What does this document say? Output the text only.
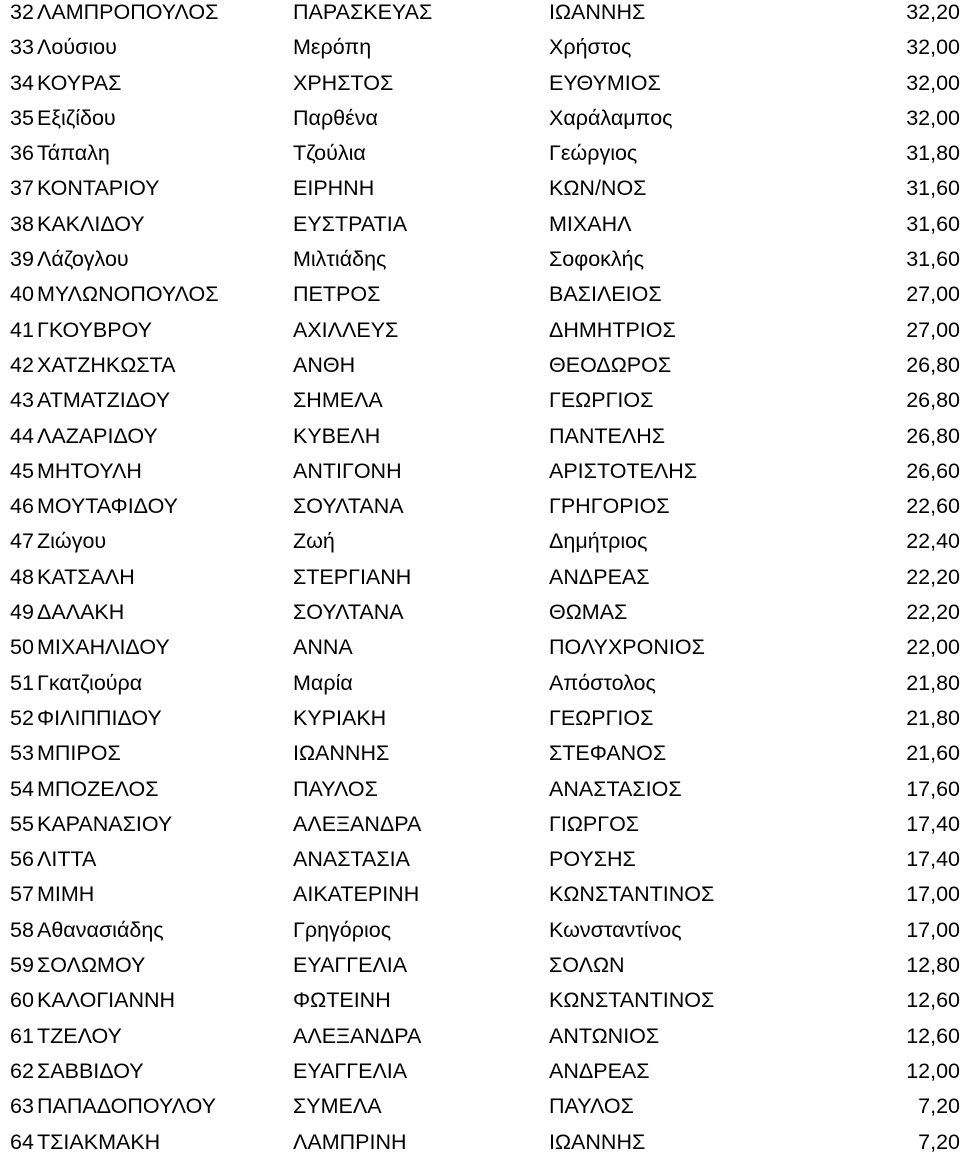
32 ΛΑΜΠΡΟΠΟΥΛΟΣ	ΠΑΡΑΣΚΕΥΑΣ	ΙΩΑΝΝΗΣ	32,20
33 Λούσιου	Μερόπη	Χρήστος	32,00
34 ΚΟΥΡΑΣ	ΧΡΗΣΤΟΣ	ΕΥΘΥΜΙΟΣ	32,00
35 Εξιζίδου	Παρθένα	Χαράλαμπος	32,00
36 Τάπαλη	Τζούλια	Γεώργιος	31,80
37 ΚΟΝΤΑΡΙΟΥ	ΕΙΡΗΝΗ	ΚΩΝ/ΝΟΣ	31,60
38 ΚΑΚΛΙΔΟΥ	ΕΥΣΤΡΑΤΙΑ	ΜΙΧΑΗΛ	31,60
39 Λάζογλου	Μιλτιάδης	Σοφοκλής	31,60
40 ΜΥΛΩΝΟΠΟΥΛΟΣ	ΠΕΤΡΟΣ	ΒΑΣΙΛΕΙΟΣ	27,00
41 ΓΚΟΥΒΡΟΥ	ΑΧΙΛΛΕΥΣ	ΔΗΜΗΤΡΙΟΣ	27,00
42 ΧΑΤΖΗΚΩΣΤΑ	ΑΝΘΗ	ΘΕΟΔΩΡΟΣ	26,80
43 ΑΤΜΑΤΖΙΔΟΥ	ΣΗΜΕΛΑ	ΓΕΩΡΓΙΟΣ	26,80
44 ΛΑΖΑΡΙΔΟΥ	ΚΥΒΕΛΗ	ΠΑΝΤΕΛΗΣ	26,80
45 ΜΗΤΟΥΛΗ	ΑΝΤΙΓΟΝΗ	ΑΡΙΣΤΟΤΕΛΗΣ	26,60
46 ΜΟΥΤΑΦΙΔΟΥ	ΣΟΥΛΤΑΝΑ	ΓΡΗΓΟΡΙΟΣ	22,60
47 Ζιώγου	Ζωή	Δημήτριος	22,40
48 ΚΑΤΣΑΛΗ	ΣΤΕΡΓΙΑΝΗ	ΑΝΔΡΕΑΣ	22,20
49 ΔΑΛΑΚΗ	ΣΟΥΛΤΑΝΑ	ΘΩΜΑΣ	22,20
50 ΜΙΧΑΗΛΙΔΟΥ	ΑΝΝΑ	ΠΟΛΥΧΡΟΝΙΟΣ	22,00
51 Γκατζιούρα	Μαρία	Απόστολος	21,80
52 ΦΙΛΙΠΠΙΔΟΥ	ΚΥΡΙΑΚΗ	ΓΕΩΡΓΙΟΣ	21,80
53 ΜΠΙΡΟΣ	ΙΩΑΝΝΗΣ	ΣΤΕΦΑΝΟΣ	21,60
54 ΜΠΟΖΕΛΟΣ	ΠΑΥΛΟΣ	ΑΝΑΣΤΑΣΙΟΣ	17,60
55 ΚΑΡΑΝΑΣΙΟΥ	ΑΛΕΞΑΝΔΡΑ	ΓΙΩΡΓΟΣ	17,40
56 ΛΙΤΤΑ	ΑΝΑΣΤΑΣΙΑ	ΡΟΥΣΗΣ	17,40
57 ΜΙΜΗ	ΑΙΚΑΤΕΡΙΝΗ	ΚΩΝΣΤΑΝΤΙΝΟΣ	17,00
58 Αθανασιάδης	Γρηγόριος	Κωνσταντίνος	17,00
59 ΣΟΛΩΜΟΥ	ΕΥΑΓΓΕΛΙΑ	ΣΟΛΩΝ	12,80
60 ΚΑΛΟΓΙΑΝΝΗ	ΦΩΤΕΙΝΗ	ΚΩΝΣΤΑΝΤΙΝΟΣ	12,60
61 ΤΖΕΛΟΥ	ΑΛΕΞΑΝΔΡΑ	ΑΝΤΩΝΙΟΣ	12,60
62 ΣΑΒΒΙΔΟΥ	ΕΥΑΓΓΕΛΙΑ	ΑΝΔΡΕΑΣ	12,00
63 ΠΑΠΑΔΟΠΟΥΛΟΥ	ΣΥΜΕΛΑ	ΠΑΥΛΟΣ	7,20
64 ΤΣΙΑΚΜΑΚΗ	ΛΑΜΠΡΙΝΗ	ΙΩΑΝΝΗΣ	7,20
